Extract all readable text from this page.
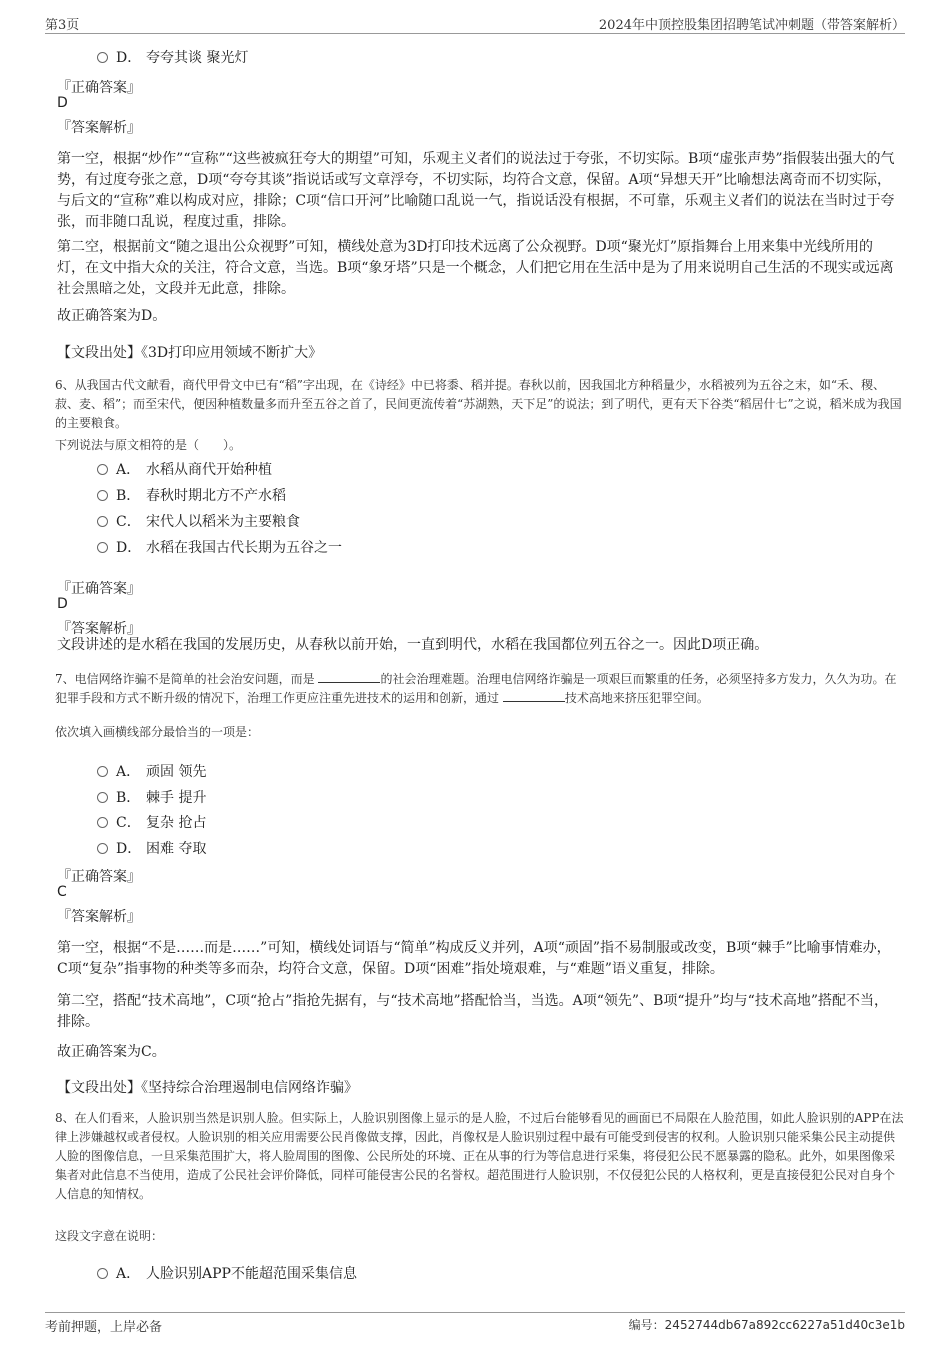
第3页	2024年中顶控股集团招聘笔试冲刺题（带答案解析）
D． 夸夸其谈 聚光灯
『正确答案』
D
『答案解析』
第一空，根据“炒作”“宣称”“这些被疯狂夸大的期望”可知，乐观主义者们的说法过于夸张，不切实际。B项“虚张声势”指假装出强大的气势，有过度夸张之意，D项“夸夸其谈”指说话或写文章浮夸，不切实际，均符合文意，保留。A项“异想天开”比喻想法离奇而不切实际，与后文的“宣称”难以构成对应，排除；C项“信口开河”比喻随口乱说一气，指说话没有根据，不可靠，乐观主义者们的说法在当时过于夸张，而非随口乱说，程度过重，排除。
第二空，根据前文“随之退出公众视野”可知，横线处意为3D打印技术远离了公众视野。D项“聚光灯”原指舞台上用来集中光线所用的灯，在文中指大众的关注，符合文意，当选。B项“象牙塔”只是一个概念，人们把它用在生活中是为了用来说明自己生活的不现实或远离社会黑暗之处，文段并无此意，排除。
故正确答案为D。
【文段出处】《3D打印应用领域不断扩大》
6、从我国古代文献看，商代甲骨文中已有“稻”字出现，在《诗经》中已将黍、稻并提。春秋以前，因我国北方种稻量少，水稻被列为五谷之末，如“禾、稷、菽、麦、稻”；而至宋代，便因种植数量多而升至五谷之首了，民间更流传着“苏湖熟，天下足”的说法；到了明代，更有天下谷类“稻居什七”之说，稻米成为我国的主要粮食。
下列说法与原文相符的是（　　）。
A． 水稻从商代开始种植
B． 春秋时期北方不产水稻
C． 宋代人以稻米为主要粮食
D． 水稻在我国古代长期为五谷之一
『正确答案』
D
『答案解析』
文段讲述的是水稻在我国的发展历史，从春秋以前开始，一直到明代，水稻在我国都位列五谷之一。因此D项正确。
7、电信网络诈骗不是简单的社会治安问题，而是	的社会治理难题。治理电信网络诈骗是一项艰巨而繁重的任务，必须坚持多方发力，久久为功。在犯罪手段和方式不断升级的情况下，治理工作更应注重先进技术的运用和创新，通过	技术高地来挤压犯罪空间。
依次填入画横线部分最恰当的一项是：
A． 顽固 领先
B． 棘手 提升
C． 复杂 抢占
D． 困难 夺取
『正确答案』
C
『答案解析』
第一空，根据“不是……而是……”可知，横线处词语与“简单”构成反义并列，A项“顽固”指不易制服或改变，B项“棘手”比喻事情难办，C项“复杂”指事物的种类等多而杂，均符合文意，保留。D项“困难”指处境艰难，与“难题”语义重复，排除。
第二空，搭配“技术高地”，C项“抢占”指抢先据有，与“技术高地”搭配恰当，当选。A项“领先”、B项“提升”均与“技术高地”搭配不当，排除。
故正确答案为C。
【文段出处】《坚持综合治理遏制电信网络诈骗》
8、在人们看来，人脸识别当然是识别人脸。但实际上，人脸识别图像上显示的是人脸，不过后台能够看见的画面已不局限在人脸范围，如此人脸识别的APP在法律上涉嫌越权或者侵权。人脸识别的相关应用需要公民肖像做支撑，因此，肖像权是人脸识别过程中最有可能受到侵害的权利。人脸识别只能采集公民主动提供人脸的图像信息，一旦采集范围扩大，将人脸周围的图像、公民所处的环境、正在从事的行为等信息进行采集，将侵犯公民不愿暴露的隐私。此外，如果图像采集者对此信息不当使用，造成了公民社会评价降低，同样可能侵害公民的名誉权。超范围进行人脸识别，不仅侵犯公民的人格权利，更是直接侵犯公民对自身个人信息的知情权。
这段文字意在说明：
A． 人脸识别APP不能超范围采集信息
考前押题，上岸必备	编号：2452744db67a892cc6227a51d40c3e1b
